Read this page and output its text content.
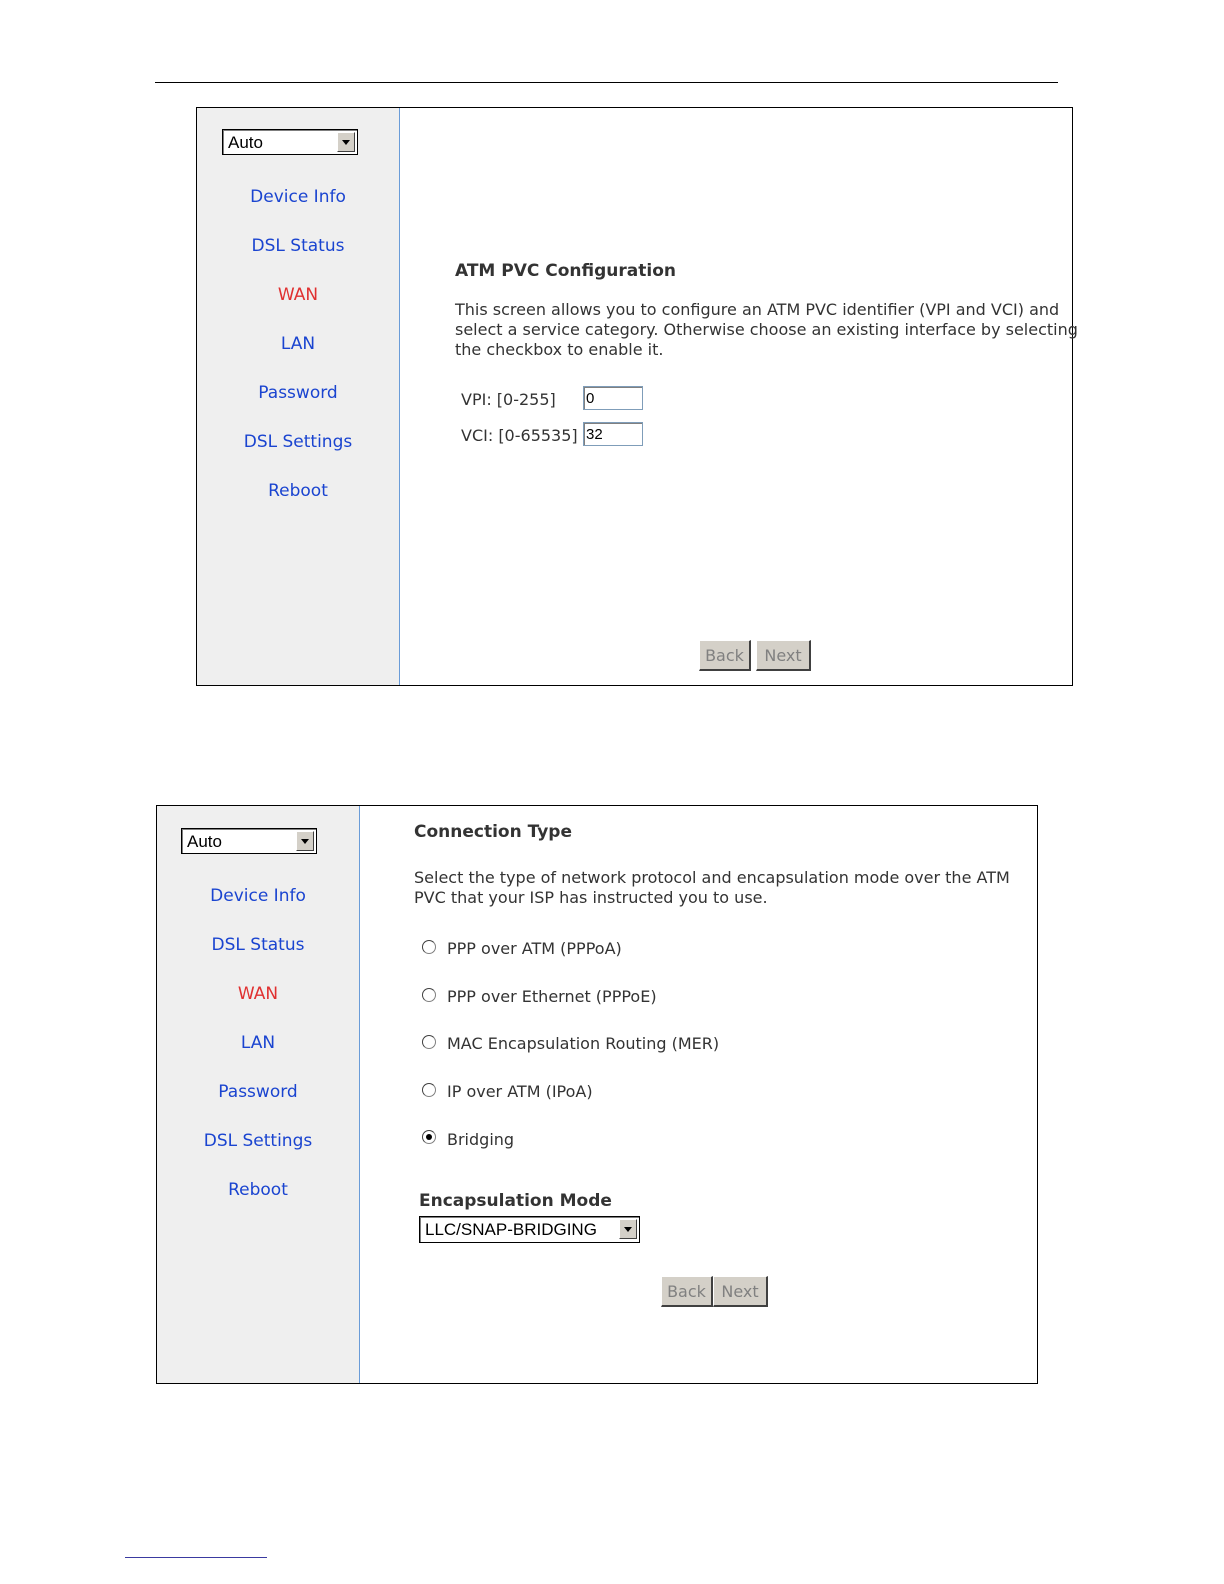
Auto
Device Info
DSL Status
WAN
LAN
Password
DSL Settings
Reboot
ATM PVC Configuration
This screen allows you to configure an ATM PVC identifier (VPI and VCI) and
select a service category. Otherwise choose an existing interface by selecting
the checkbox to enable it.
VPI: [0-255]
0
VCI: [0-65535]
32
Back	Next
Auto
Device Info
DSL Status
WAN
LAN
Password
DSL Settings
Reboot
Connection Type
Select the type of network protocol and encapsulation mode over the ATM
PVC that your ISP has instructed you to use.
PPP over ATM (PPPoA)
PPP over Ethernet (PPPoE)
MAC Encapsulation Routing (MER)
IP over ATM (IPoA)
Bridging
Encapsulation Mode
LLC/SNAP-BRIDGING
Back Next
